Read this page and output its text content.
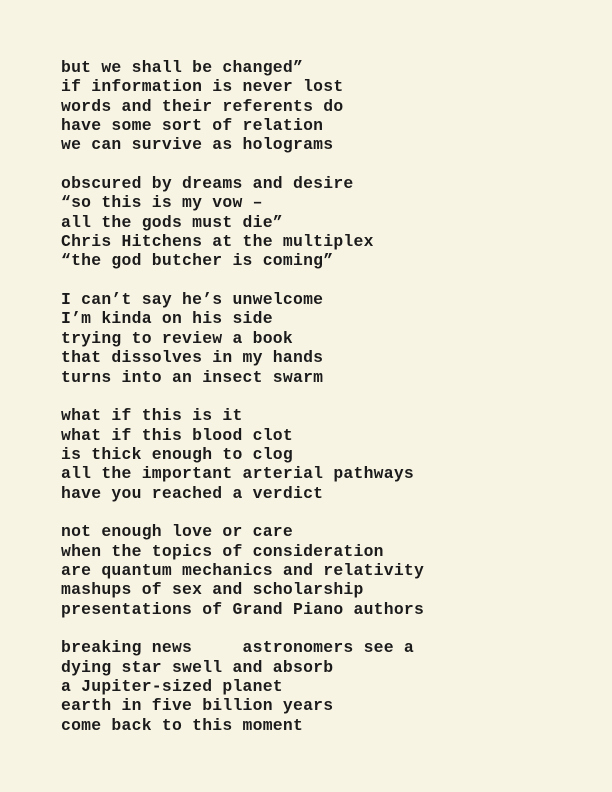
but we shall be changed”
if information is never lost
words and their referents do
have some sort of relation
we can survive as holograms
obscured by dreams and desire
“so this is my vow –
all the gods must die”
Chris Hitchens at the multiplex
“the god butcher is coming”
I can’t say he’s unwelcome
I’m kinda on his side
trying to review a book
that dissolves in my hands
turns into an insect swarm
what if this is it
what if this blood clot
is thick enough to clog
all the important arterial pathways
have you reached a verdict
not enough love or care
when the topics of consideration
are quantum mechanics and relativity
mashups of sex and scholarship
presentations of Grand Piano authors
breaking news     astronomers see a
dying star swell and absorb
a Jupiter-sized planet
earth in five billion years
come back to this moment
